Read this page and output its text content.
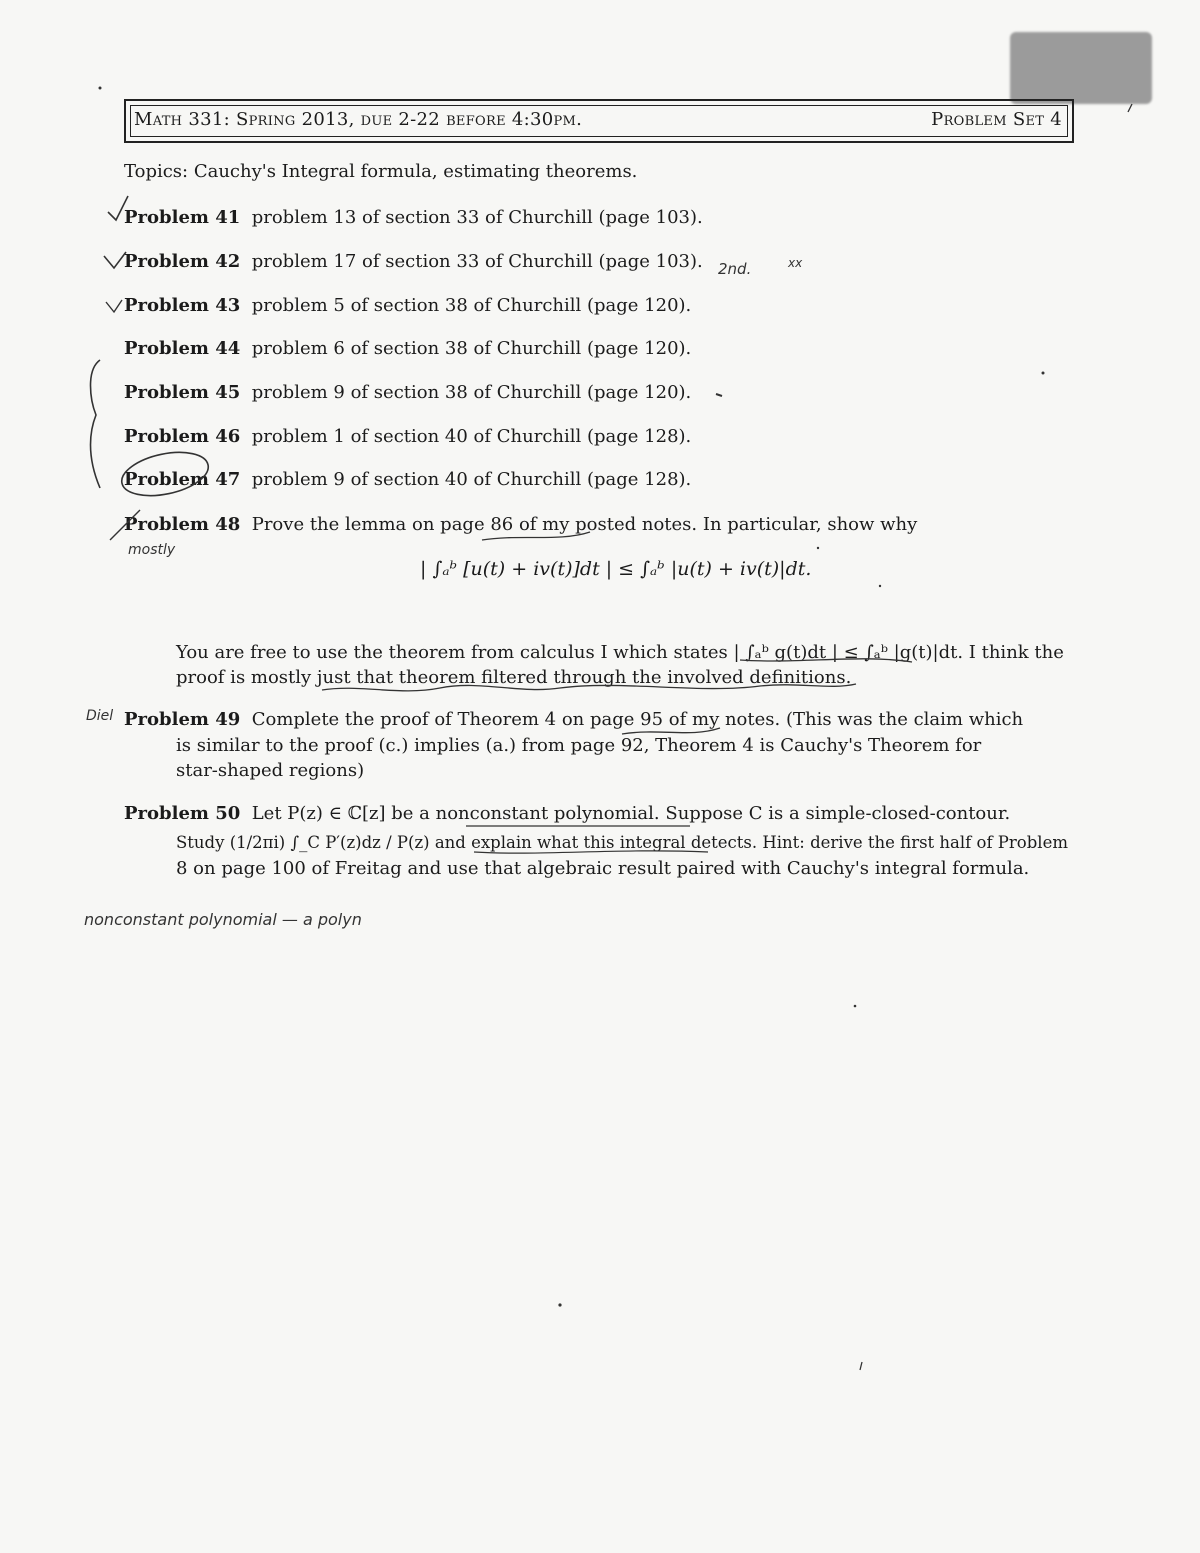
Math 331: Spring 2013, due 2-22 before 4:30pm.	Problem Set 4
Topics: Cauchy's Integral formula, estimating theorems.
Problem 41 problem 13 of section 33 of Churchill (page 103).
Problem 42 problem 17 of section 33 of Churchill (page 103).
Problem 43 problem 5 of section 38 of Churchill (page 120).
Problem 44 problem 6 of section 38 of Churchill (page 120).
Problem 45 problem 9 of section 38 of Churchill (page 120).
Problem 46 problem 1 of section 40 of Churchill (page 128).
Problem 47 problem 9 of section 40 of Churchill (page 128).
Problem 48 Prove the lemma on page 86 of my posted notes. In particular, show why
| ∫ₐᵇ [u(t) + iv(t)]dt | ≤ ∫ₐᵇ |u(t) + iv(t)|dt.
You are free to use the theorem from calculus I which states | ∫ₐᵇ g(t)dt | ≤ ∫ₐᵇ |g(t)|dt. I think the
proof is mostly just that theorem filtered through the involved definitions.
Problem 49 Complete the proof of Theorem 4 on page 95 of my notes. (This was the claim which
is similar to the proof (c.) implies (a.) from page 92, Theorem 4 is Cauchy's Theorem for
star-shaped regions)
Problem 50 Let P(z) ∈ ℂ[z] be a nonconstant polynomial. Suppose C is a simple-closed-contour.
Study (1/2πi) ∫_C P′(z)dz / P(z) and explain what this integral detects. Hint: derive the first half of Problem
8 on page 100 of Freitag and use that algebraic result paired with Cauchy's integral formula.
2nd.	xx
mostly
Diel
nonconstant polynomial — a polyn
